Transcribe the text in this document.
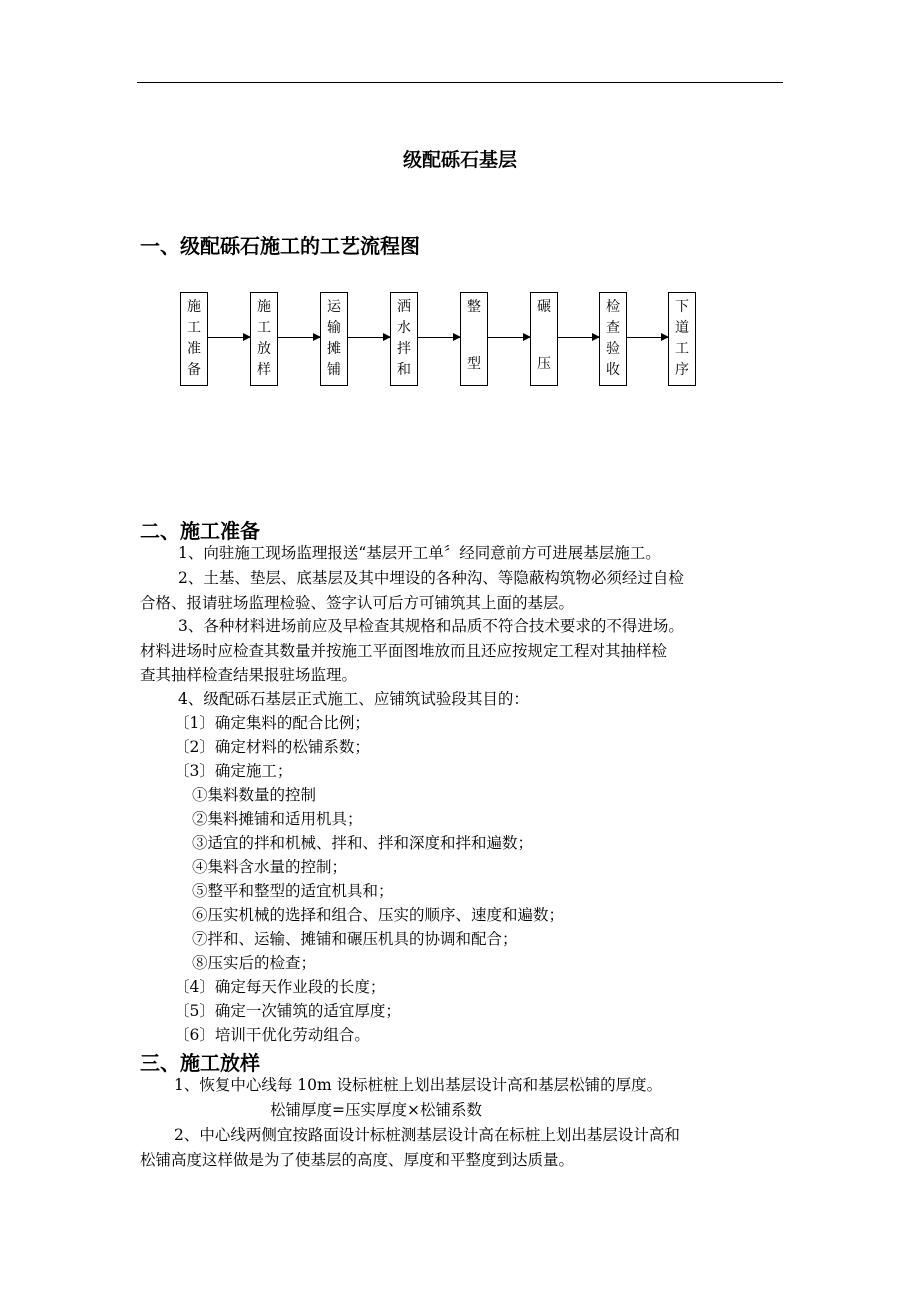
级配砾石基层
一、级配砾石施工的工艺流程图
施
工
准
备
施
工
放
样
运
输
摊
铺
洒
水
拌
和
整
型
碾
压
检
查
验
收
下
道
工
序
二、施工准备
1、向驻施工现场监理报送“基层开工单〞经同意前方可进展基层施工。
2、土基、垫层、底基层及其中埋设的各种沟、等隐蔽构筑物必须经过自检
合格、报请驻场监理检验、签字认可后方可铺筑其上面的基层。
3、各种材料进场前应及早检查其规格和品质不符合技术要求的不得进场。
材料进场时应检查其数量并按施工平面图堆放而且还应按规定工程对其抽样检
查其抽样检查结果报驻场监理。
4、级配砾石基层正式施工、应铺筑试验段其目的：
〔1〕确定集料的配合比例；
〔2〕确定材料的松铺系数；
〔3〕确定施工；
①集料数量的控制
②集料摊铺和适用机具；
③适宜的拌和机械、拌和、拌和深度和拌和遍数；
④集料含水量的控制；
⑤整平和整型的适宜机具和；
⑥压实机械的选择和组合、压实的顺序、速度和遍数；
⑦拌和、运输、摊铺和碾压机具的协调和配合；
⑧压实后的检查；
〔4〕确定每天作业段的长度；
〔5〕确定一次铺筑的适宜厚度；
〔6〕培训干优化劳动组合。
三、施工放样
1、恢复中心线每 10m 设标桩桩上划出基层设计高和基层松铺的厚度。
松铺厚度=压实厚度×松铺系数
2、中心线两侧宜按路面设计标桩测基层设计高在标桩上划出基层设计高和
松铺高度这样做是为了使基层的高度、厚度和平整度到达质量。
